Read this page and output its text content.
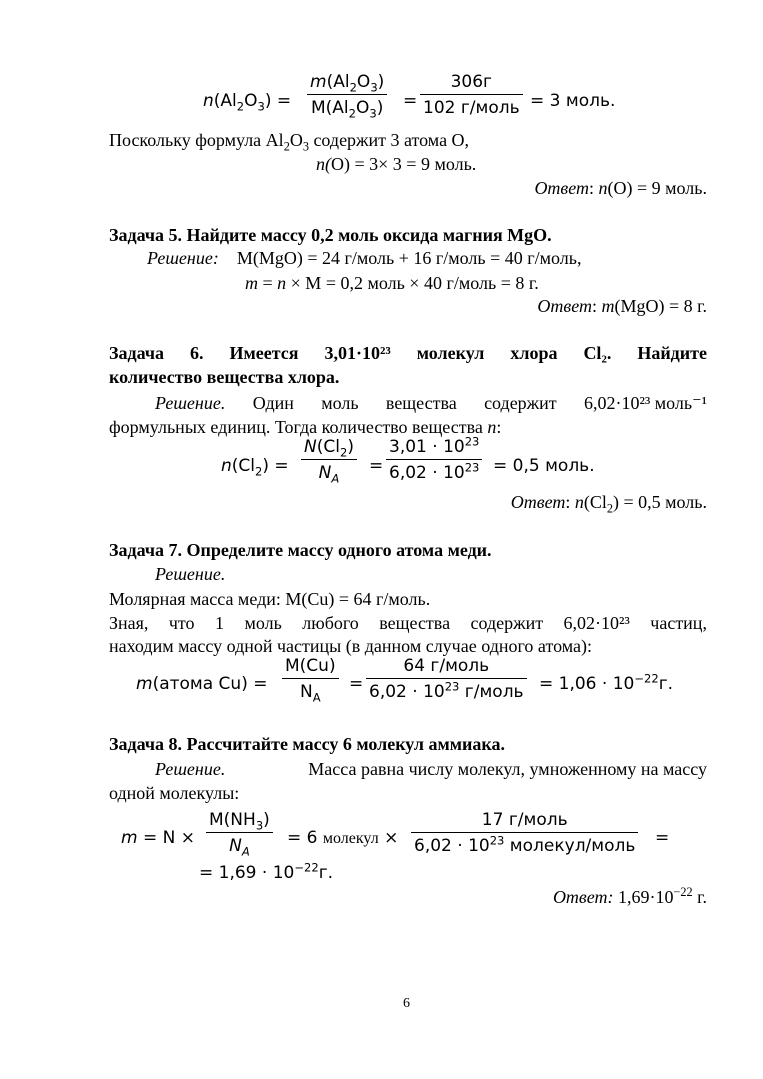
$n(Al_2O_3) = \frac{m(Al_2O_3)}{M(Al_2O_3)}$ =
306г
102 г/моль = 3 моль.
Поскольку формула $Al_2O_3$ содержит 3 атома O,
n(O) = 3× 3 = 9 моль.
Ответ: n(O) = 9 моль.
Задача 5. Найдите массу 0,2 моль оксида магния MgO.
Решение: M(MgO) = 24 г/моль + 16 г/моль = 40 г/моль,
m = n × M = 0,2 моль × 40 г/моль = 8 г.
Ответ: m(MgO) = 8 г.
Задача 6. Имеется 3,01·10²³ молекул хлора Cl₂. Найдите
количество вещества хлора.
Решение. Один моль вещества содержит 6,02·10²³ моль⁻¹
формульных единиц. Тогда количество вещества n:
$n(Cl_2) = \frac{N(Cl_2)}{N_A} = \frac{3,01 \cdot 10^{23}}{6,02 \cdot 10^{23}} = 0,5$ моль.
Ответ: $n(Cl_2) = 0,5$ моль.
Задача 7. Определите массу одного атома меди.
Решение.
Молярная масса меди: M(Cu) = 64 г/моль.
Зная, что 1 моль любого вещества содержит 6,02·10²³ частиц,
находим массу одной частицы (в данном случае одного атома):
m(атома $Cu) = \frac{M(Cu)}{N_A}$ =
64 г/моль
$6,02 \cdot 10^{23}$ г/моль = $1,06 \cdot 10^{-22}г$.
Задача 8. Рассчитайте массу 6 молекул аммиака.
Решение.	Масса равна числу молекул, умноженному на массу
одной молекулы:
$m = N \times \frac{M(NH_3)}{N_A} = 6$ молекул ×
17 г/моль
$6,02 \cdot 10^{23}$ молекул/моль =
= $1,69 \cdot 10^{-22}г$.
Ответ: $1,69\cdot 10^{-22}$ г.
6
